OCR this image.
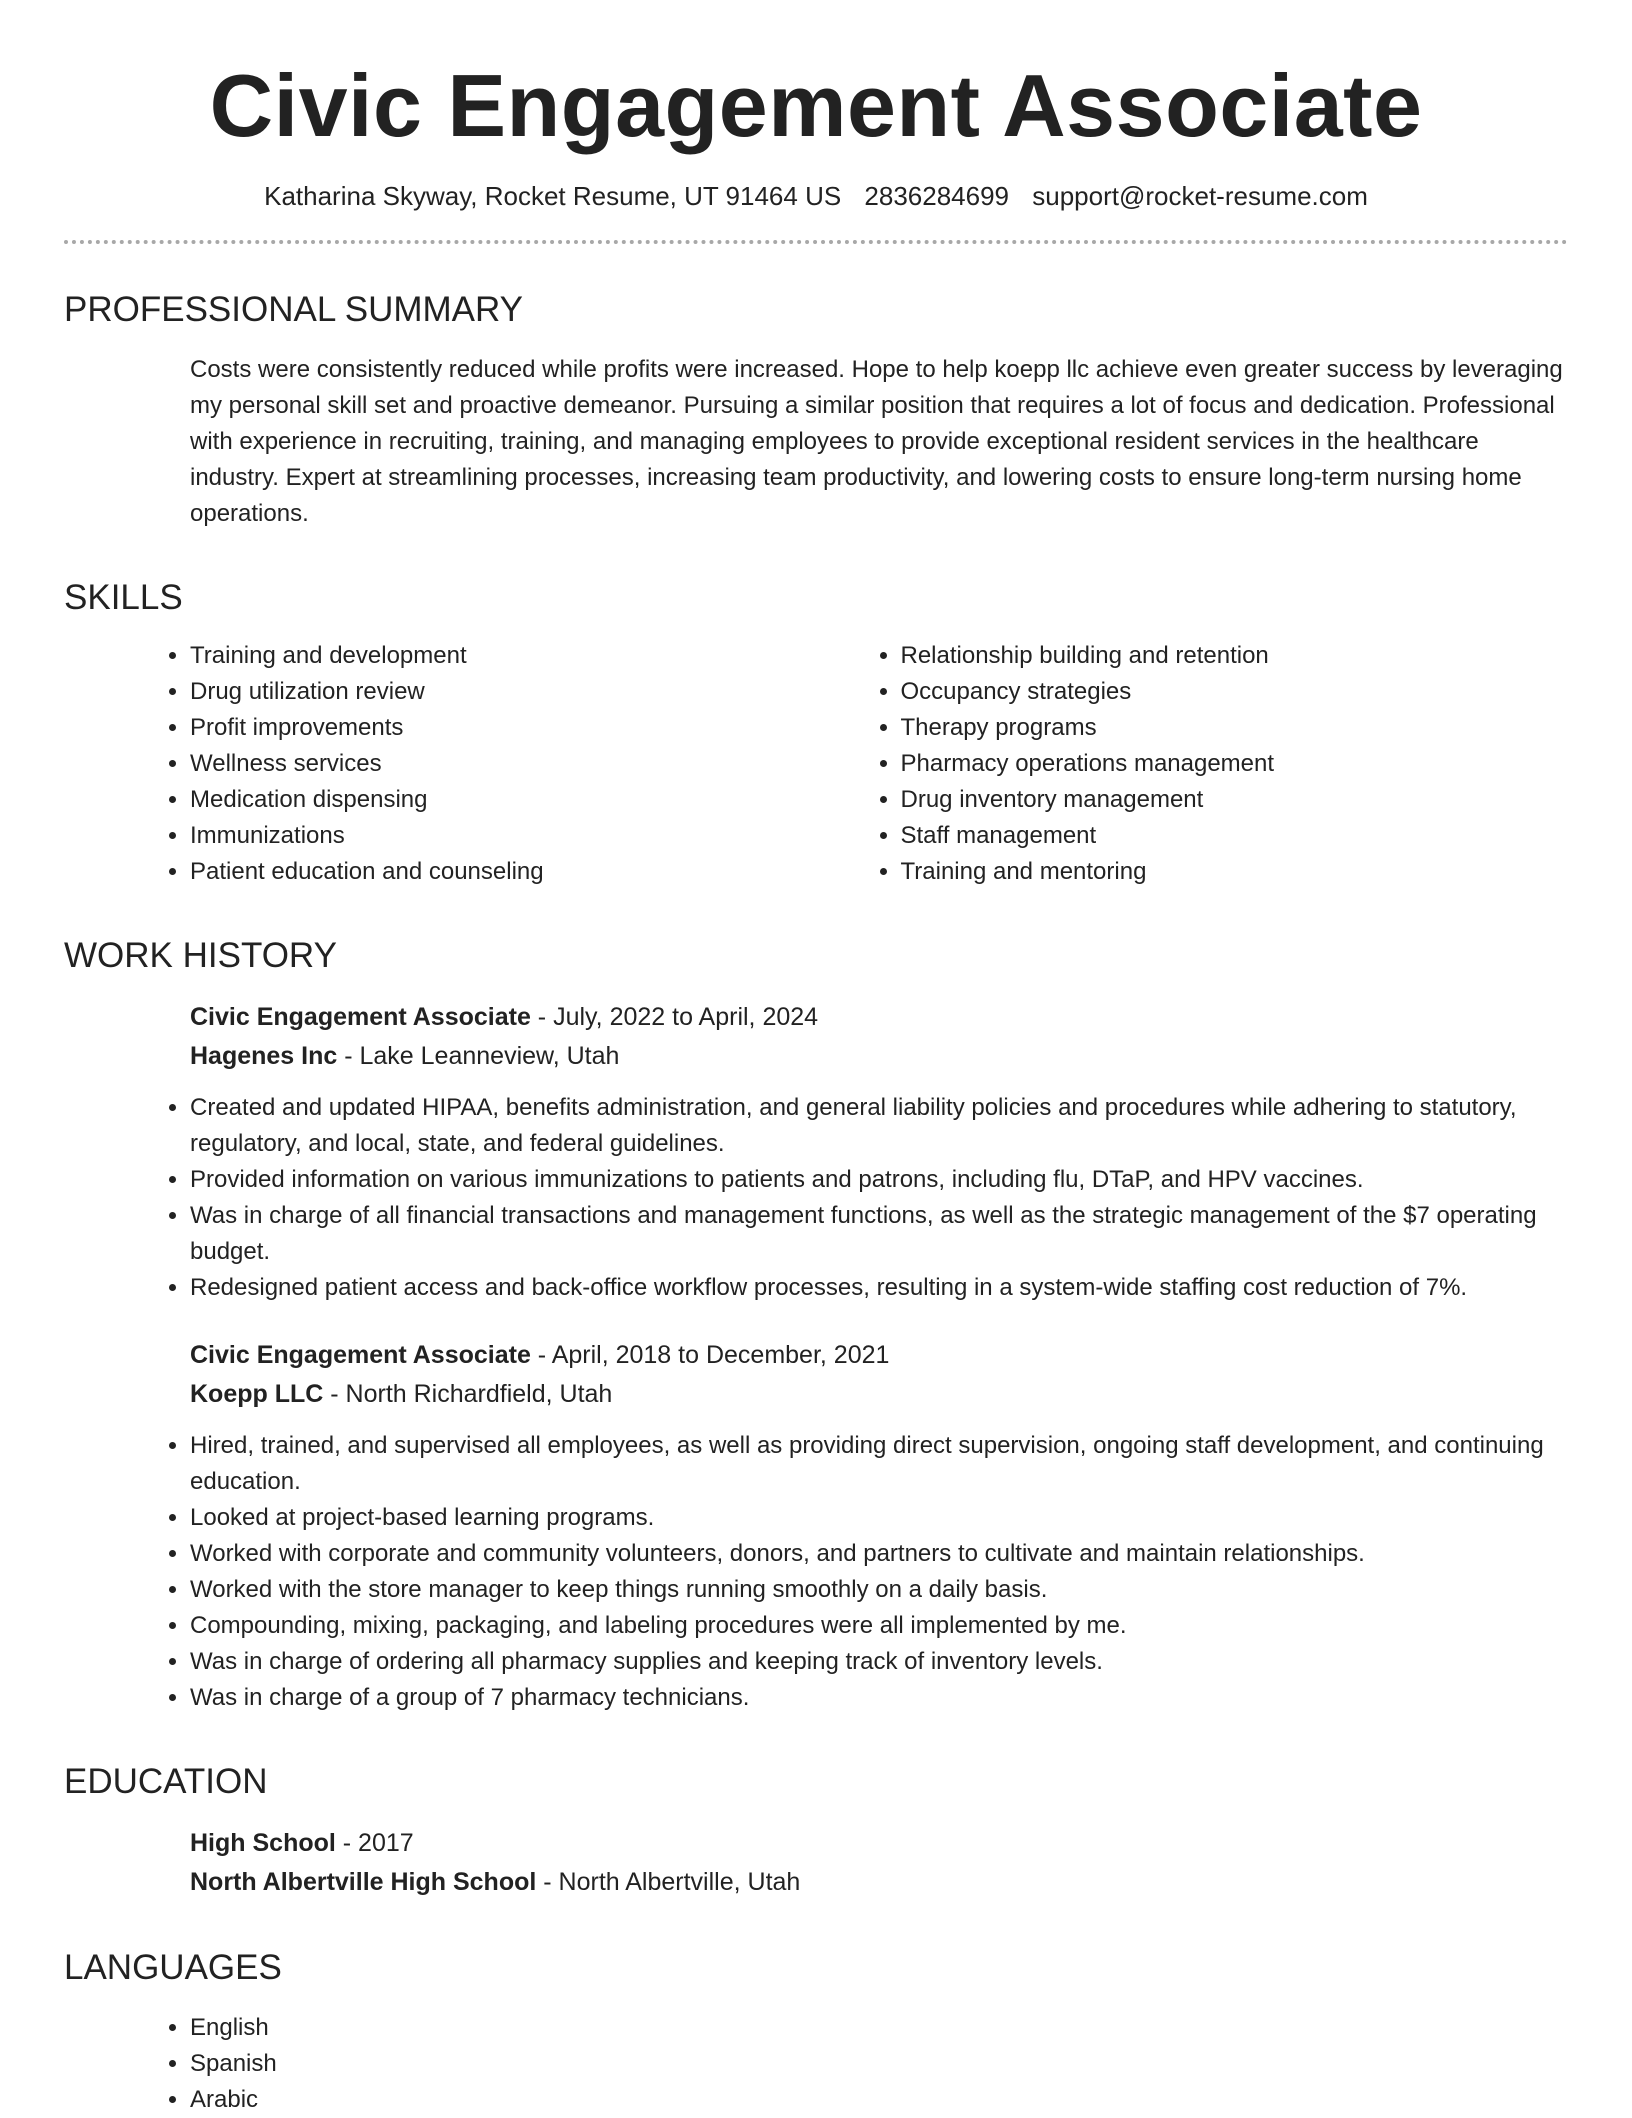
Civic Engagement Associate
Katharina Skyway, Rocket Resume, UT 91464 US 2836284699 support@rocket-resume.com
PROFESSIONAL SUMMARY
Costs were consistently reduced while profits were increased. Hope to help koepp llc achieve even greater success by leveraging my personal skill set and proactive demeanor. Pursuing a similar position that requires a lot of focus and dedication. Professional with experience in recruiting, training, and managing employees to provide exceptional resident services in the healthcare industry. Expert at streamlining processes, increasing team productivity, and lowering costs to ensure long-term nursing home operations.
SKILLS
• Training and development
• Drug utilization review
• Profit improvements
• Wellness services
• Medication dispensing
• Immunizations
• Patient education and counseling
• Relationship building and retention
• Occupancy strategies
• Therapy programs
• Pharmacy operations management
• Drug inventory management
• Staff management
• Training and mentoring
WORK HISTORY
Civic Engagement Associate - July, 2022 to April, 2024
Hagenes Inc - Lake Leanneview, Utah
• Created and updated HIPAA, benefits administration, and general liability policies and procedures while adhering to statutory, regulatory, and local, state, and federal guidelines.
• Provided information on various immunizations to patients and patrons, including flu, DTaP, and HPV vaccines.
• Was in charge of all financial transactions and management functions, as well as the strategic management of the $7 operating budget.
• Redesigned patient access and back-office workflow processes, resulting in a system-wide staffing cost reduction of 7%.
Civic Engagement Associate - April, 2018 to December, 2021
Koepp LLC - North Richardfield, Utah
• Hired, trained, and supervised all employees, as well as providing direct supervision, ongoing staff development, and continuing education.
• Looked at project-based learning programs.
• Worked with corporate and community volunteers, donors, and partners to cultivate and maintain relationships.
• Worked with the store manager to keep things running smoothly on a daily basis.
• Compounding, mixing, packaging, and labeling procedures were all implemented by me.
• Was in charge of ordering all pharmacy supplies and keeping track of inventory levels.
• Was in charge of a group of 7 pharmacy technicians.
EDUCATION
High School - 2017
North Albertville High School - North Albertville, Utah
LANGUAGES
• English
• Spanish
• Arabic
